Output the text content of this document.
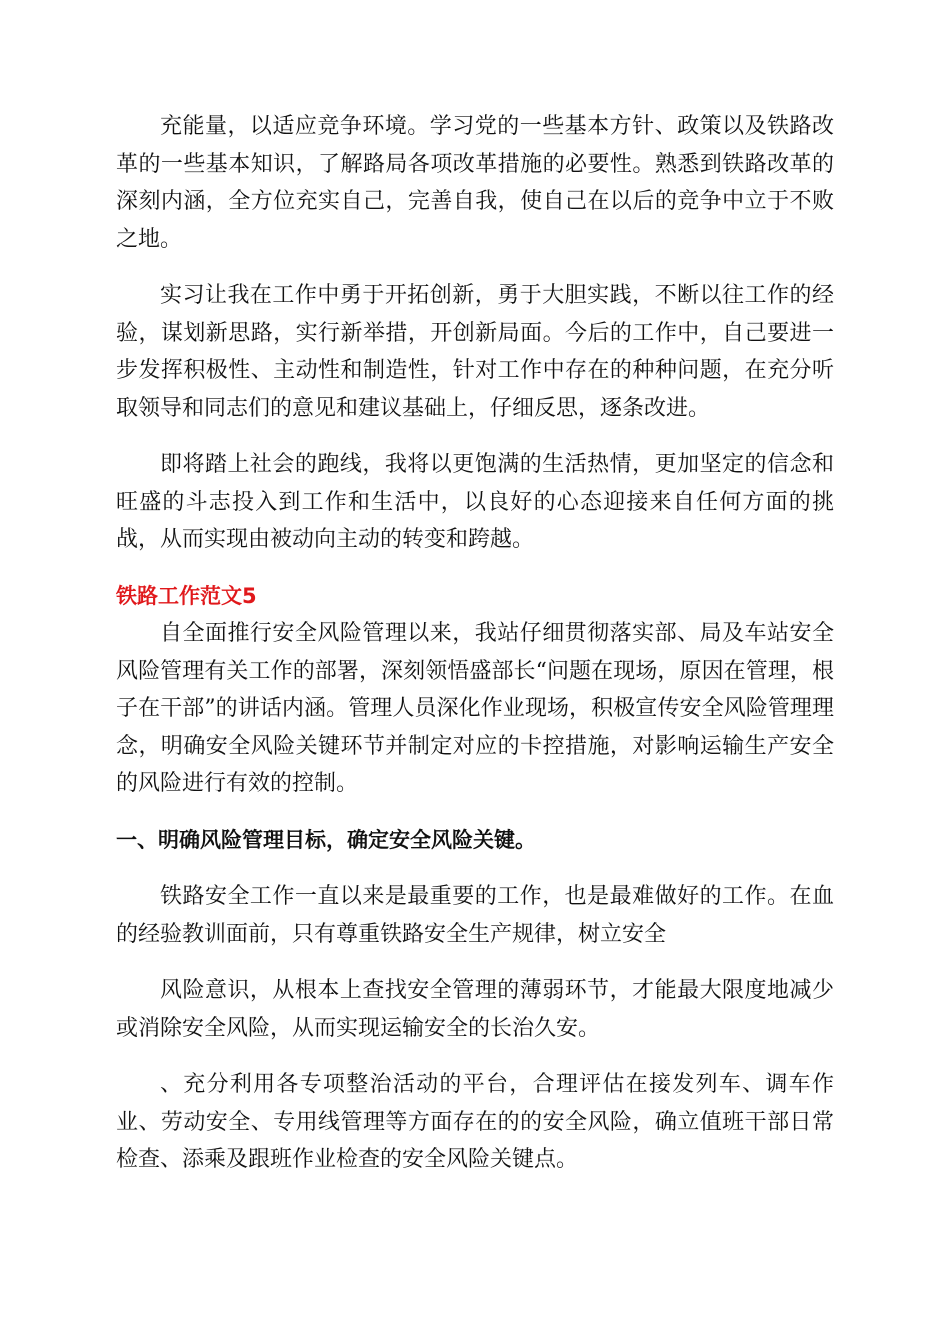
充能量，以适应竞争环境。学习党的一些基本方针、政策以及铁路改革的一些基本知识，了解路局各项改革措施的必要性。熟悉到铁路改革的深刻内涵，全方位充实自己，完善自我，使自己在以后的竞争中立于不败之地。

实习让我在工作中勇于开拓创新，勇于大胆实践，不断以往工作的经验，谋划新思路，实行新举措，开创新局面。今后的工作中，自己要进一步发挥积极性、主动性和制造性，针对工作中存在的种种问题，在充分听取领导和同志们的意见和建议基础上，仔细反思，逐条改进。

即将踏上社会的跑线，我将以更饱满的生活热情，更加坚定的信念和旺盛的斗志投入到工作和生活中，以良好的心态迎接来自任何方面的挑战，从而实现由被动向主动的转变和跨越。

铁路工作范文5

自全面推行安全风险管理以来，我站仔细贯彻落实部、局及车站安全风险管理有关工作的部署，深刻领悟盛部长“问题在现场，原因在管理，根子在干部”的讲话内涵。管理人员深化作业现场，积极宣传安全风险管理理念，明确安全风险关键环节并制定对应的卡控措施，对影响运输生产安全的风险进行有效的控制。

一、明确风险管理目标，确定安全风险关键。

铁路安全工作一直以来是最重要的工作，也是最难做好的工作。在血的经验教训面前，只有尊重铁路安全生产规律，树立安全

风险意识，从根本上查找安全管理的薄弱环节，才能最大限度地减少或消除安全风险，从而实现运输安全的长治久安。

、充分利用各专项整治活动的平台，合理评估在接发列车、调车作业、劳动安全、专用线管理等方面存在的的安全风险，确立值班干部日常检查、添乘及跟班作业检查的安全风险关键点。
